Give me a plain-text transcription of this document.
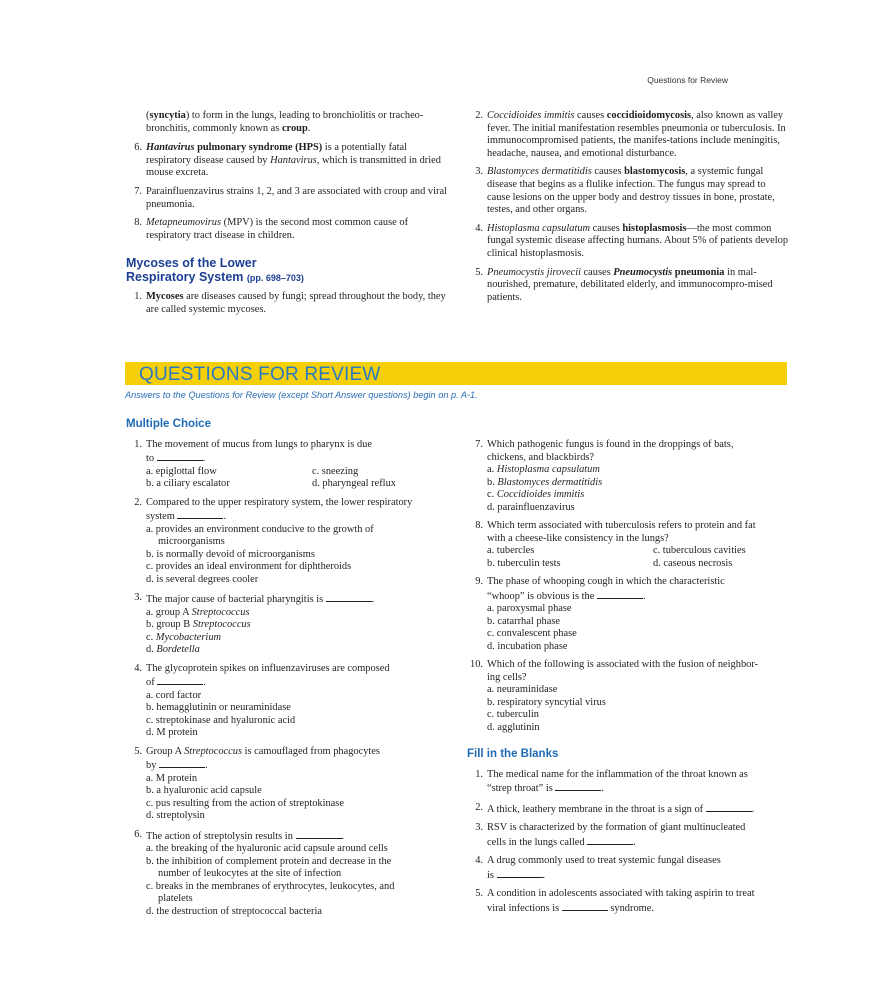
Questions for Review
(syncytia) to form in the lungs, leading to bronchiolitis or tracheo-bronchitis, commonly known as croup.
6. Hantavirus pulmonary syndrome (HPS) is a potentially fatal respiratory disease caused by Hantavirus, which is transmitted in dried mouse excreta.
7. Parainfluenzavirus strains 1, 2, and 3 are associated with croup and viral pneumonia.
8. Metapneumovirus (MPV) is the second most common cause of respiratory tract disease in children.
Mycoses of the Lower
Respiratory System (pp. 698–703)
1. Mycoses are diseases caused by fungi; spread throughout the body, they are called systemic mycoses.
2. Coccidioides immitis causes coccidioidomycosis, also known as valley fever. The initial manifestation resembles pneumonia or tuberculosis. In immunocompromised patients, the manifes-tations include meningitis, headache, nausea, and emotional disturbance.
3. Blastomyces dermatitidis causes blastomycosis, a systemic fungal disease that begins as a flulike infection. The fungus may spread to cause lesions on the upper body and destroy tissues in bone, prostate, testes, and other organs.
4. Histoplasma capsulatum causes histoplasmosis—the most common fungal systemic disease affecting humans. About 5% of patients develop clinical histoplasmosis.
5. Pneumocystis jirovecii causes Pneumocystis pneumonia in mal-nourished, premature, debilitated elderly, and immunocompro-mised patients.
QUESTIONS FOR REVIEW
Answers to the Questions for Review (except Short Answer questions) begin on p. A-1.
Multiple Choice
1. The movement of mucus from lungs to pharynx is due
to	.
a. epiglottal flow	c. sneezing
b. a ciliary escalator	d. pharyngeal reflux
2. Compared to the upper respiratory system, the lower respiratory
system	.
a. provides an environment conducive to the growth of
microorganisms
b. is normally devoid of microorganisms
c. provides an ideal environment for diphtheroids
d. is several degrees cooler
3. The major cause of bacterial pharyngitis is	.
a. group A Streptococcus
b. group B Streptococcus
c. Mycobacterium
d. Bordetella
4. The glycoprotein spikes on influenzaviruses are composed
of	.
a. cord factor
b. hemagglutinin or neuraminidase
c. streptokinase and hyaluronic acid
d. M protein
5. Group A Streptococcus is camouflaged from phagocytes
by	.
a. M protein
b. a hyaluronic acid capsule
c. pus resulting from the action of streptokinase
d. streptolysin
6. The action of streptolysin results in	.
a. the breaking of the hyaluronic acid capsule around cells
b. the inhibition of complement protein and decrease in the
number of leukocytes at the site of infection
c. breaks in the membranes of erythrocytes, leukocytes, and
platelets
d. the destruction of streptococcal bacteria
7. Which pathogenic fungus is found in the droppings of bats,
chickens, and blackbirds?
a. Histoplasma capsulatum
b. Blastomyces dermatitidis
c. Coccidioides immitis
d. parainfluenzavirus
8. Which term associated with tuberculosis refers to protein and fat
with a cheese-like consistency in the lungs?
a. tubercles	c. tuberculous cavities
b. tuberculin tests	d. caseous necrosis
9. The phase of whooping cough in which the characteristic
“whoop” is obvious is the	.
a. paroxysmal phase
b. catarrhal phase
c. convalescent phase
d. incubation phase
10. Which of the following is associated with the fusion of neighbor-
ing cells?
a. neuraminidase
b. respiratory syncytial virus
c. tuberculin
d. agglutinin
Fill in the Blanks
1. The medical name for the inflammation of the throat known as
“strep throat” is	.
2. A thick, leathery membrane in the throat is a sign of	.
3. RSV is characterized by the formation of giant multinucleated
cells in the lungs called	.
4. A drug commonly used to treat systemic fungal diseases
is	.
5. A condition in adolescents associated with taking aspirin to treat
viral infections is	syndrome.
